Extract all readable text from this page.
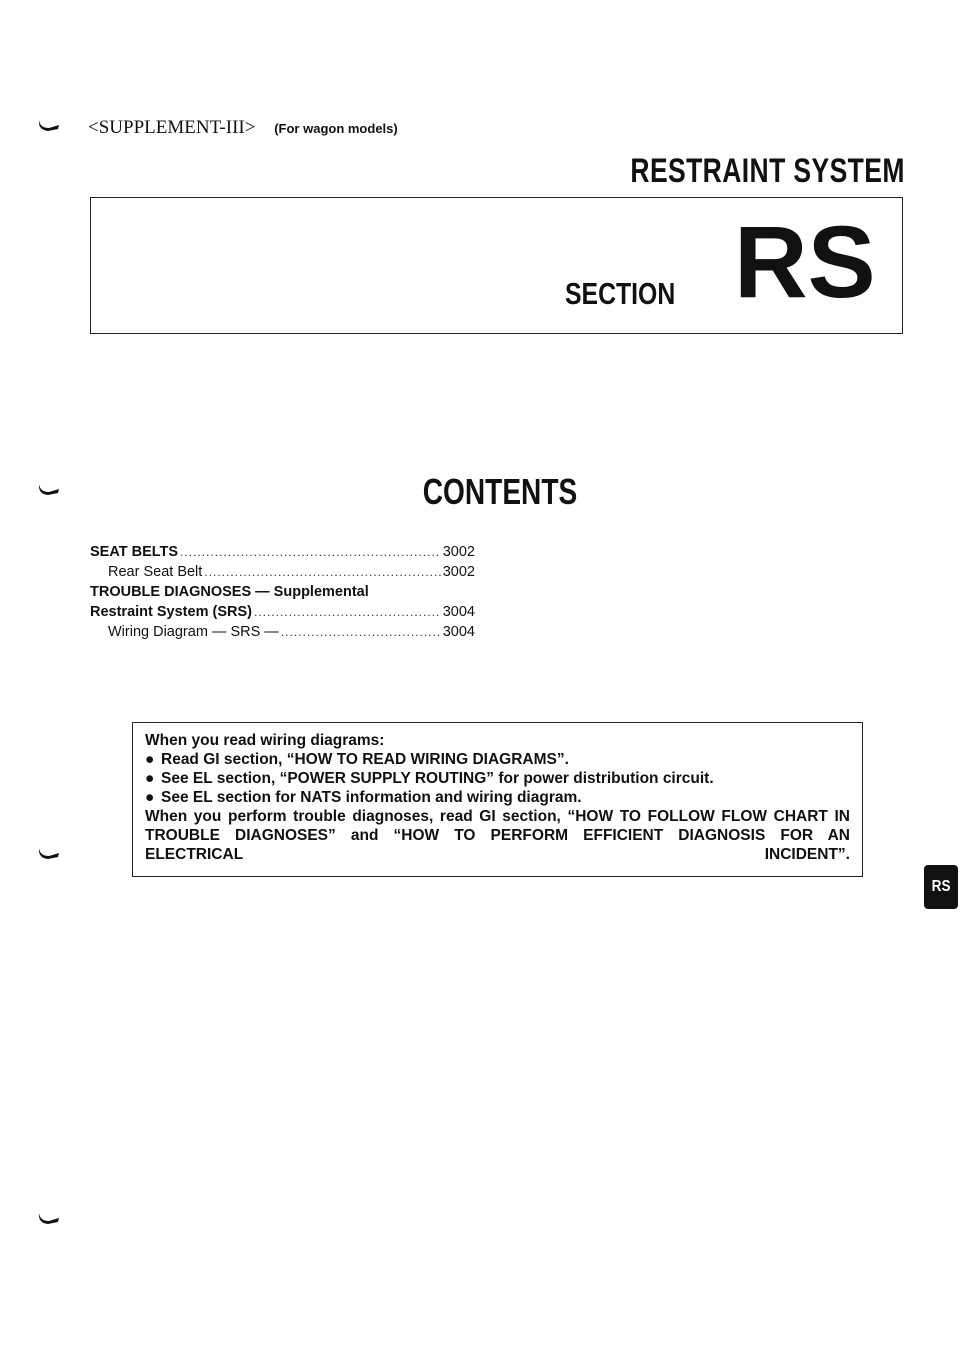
<SUPPLEMENT-III> (For wagon models)
RESTRAINT SYSTEM
SECTION RS
CONTENTS
SEAT BELTS .....	3002
Rear Seat Belt .....	3002
TROUBLE DIAGNOSES — Supplemental
Restraint System (SRS) .....	3004
Wiring Diagram — SRS — .....	3004
When you read wiring diagrams:
● Read GI section, “HOW TO READ WIRING DIAGRAMS”.
● See EL section, “POWER SUPPLY ROUTING” for power distribution circuit.
● See EL section for NATS information and wiring diagram.
When you perform trouble diagnoses, read GI section, “HOW TO FOLLOW FLOW CHART IN TROUBLE DIAGNOSES” and “HOW TO PERFORM EFFICIENT DIAGNOSIS FOR AN ELECTRICAL INCIDENT”.
RS
